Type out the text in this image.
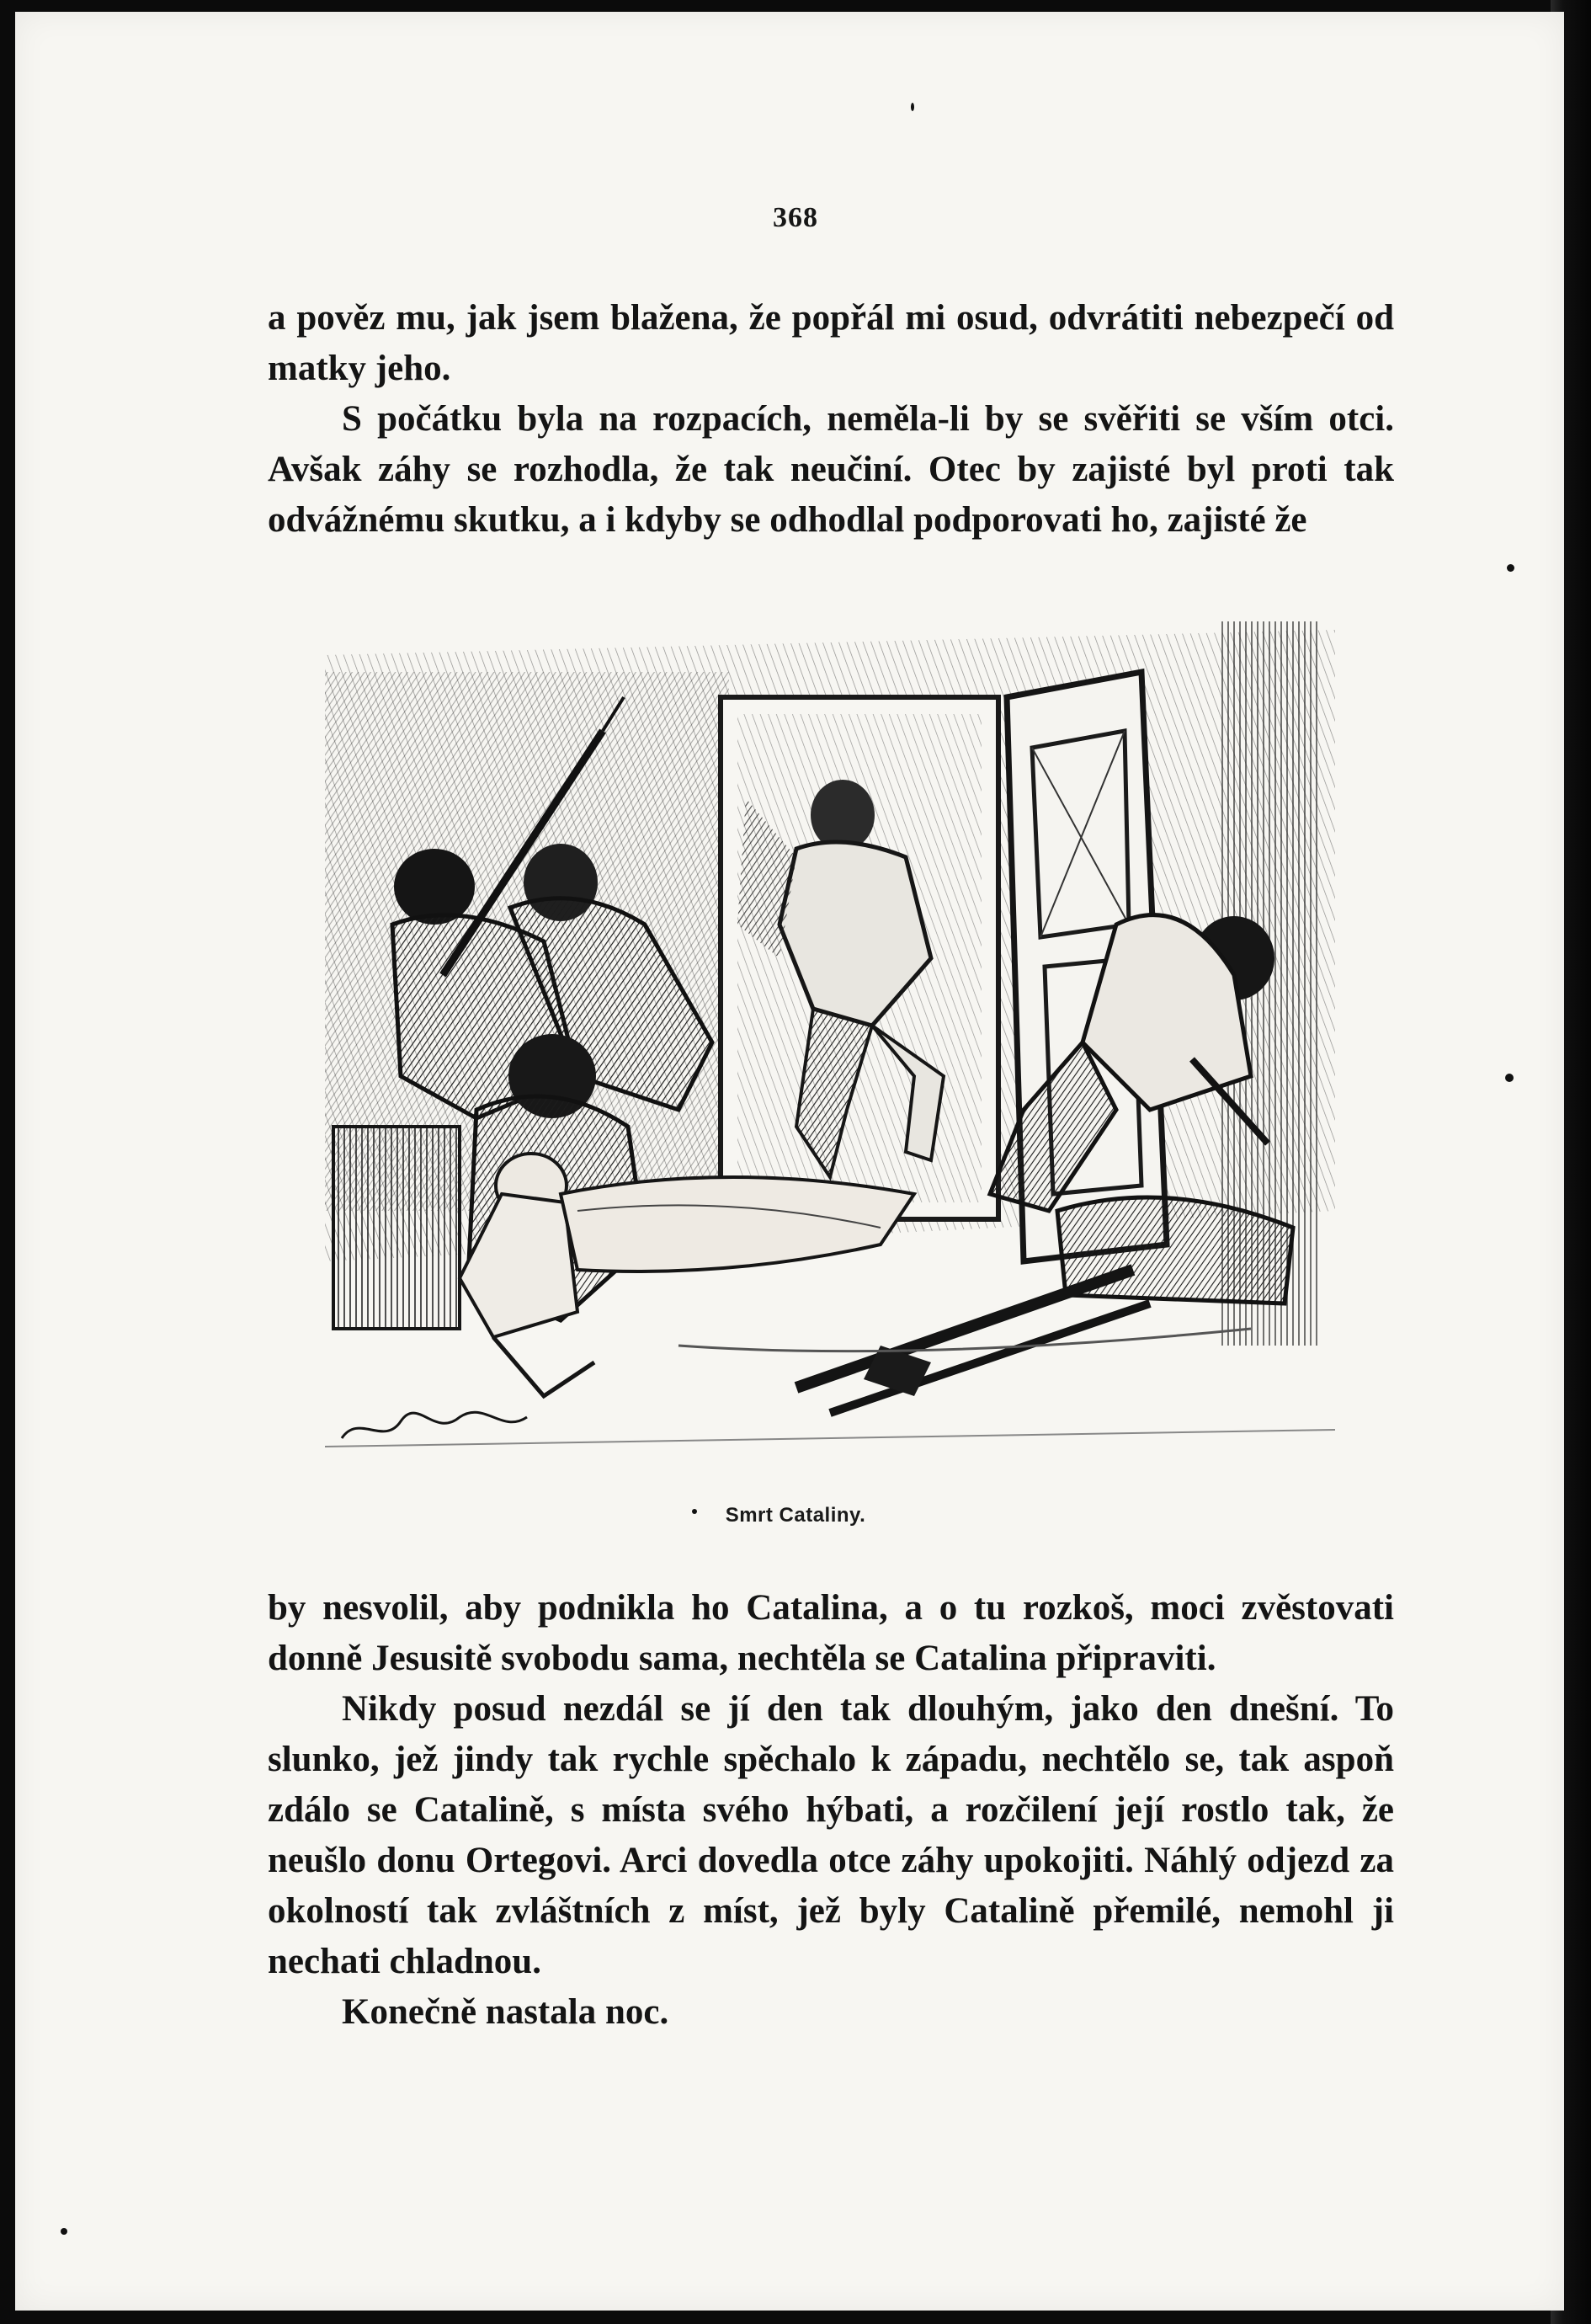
368

a pověz mu, jak jsem blažena, že popřál mi osud, odvrátiti nebezpečí od matky jeho.

S počátku byla na rozpacích, neměla-li by se svěřiti se vším otci. Avšak záhy se rozhodla, že tak neučiní. Otec by zajisté byl proti tak odvážnému skutku, a i kdyby se odhodlal podporovati ho, zajisté že

Smrt Cataliny.

by nesvolil, aby podnikla ho Catalina, a o tu rozkoš, moci zvěstovati donně Jesusitě svobodu sama, nechtěla se Catalina připraviti.

Nikdy posud nezdál se jí den tak dlouhým, jako den dnešní. To slunko, jež jindy tak rychle spěchalo k západu, nechtělo se, tak aspoň zdálo se Catalině, s místa svého hýbati, a rozčilení její rostlo tak, že neušlo donu Ortegovi. Arci dovedla otce záhy upokojiti. Náhlý odjezd za okolností tak zvláštních z míst, jež byly Catalině přemilé, nemohl ji nechati chladnou.

Konečně nastala noc.
